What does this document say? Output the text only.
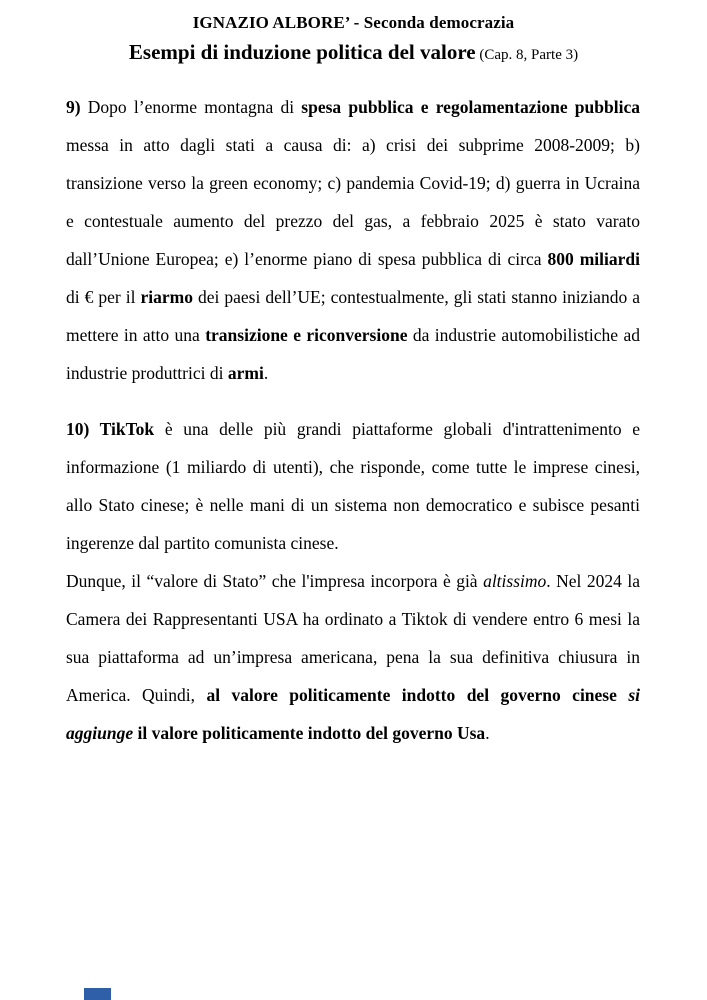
IGNAZIO ALBORE’ - Seconda democrazia
Esempi di induzione politica del valore (Cap. 8, Parte 3)

9) Dopo l’enorme montagna di spesa pubblica e regolamentazione pubblica messa in atto dagli stati a causa di: a) crisi dei subprime 2008-2009; b) transizione verso la green economy; c) pandemia Covid-19; d) guerra in Ucraina e contestuale aumento del prezzo del gas, a febbraio 2025 è stato varato dall’Unione Europea; e) l’enorme piano di spesa pubblica di circa 800 miliardi di € per il riarmo dei paesi dell’UE; contestualmente, gli stati stanno iniziando a mettere in atto una transizione e riconversione da industrie automobilistiche ad industrie produttrici di armi.

10) TikTok è una delle più grandi piattaforme globali d'intrattenimento e informazione (1 miliardo di utenti), che risponde, come tutte le imprese cinesi, allo Stato cinese; è nelle mani di un sistema non democratico e subisce pesanti ingerenze dal partito comunista cinese.

Dunque, il “valore di Stato” che l'impresa incorpora è già altissimo. Nel 2024 la Camera dei Rappresentanti USA ha ordinato a Tiktok di vendere entro 6 mesi la sua piattaforma ad un’impresa americana, pena la sua definitiva chiusura in America. Quindi, al valore politicamente indotto del governo cinese si aggiunge il valore politicamente indotto del governo Usa.
